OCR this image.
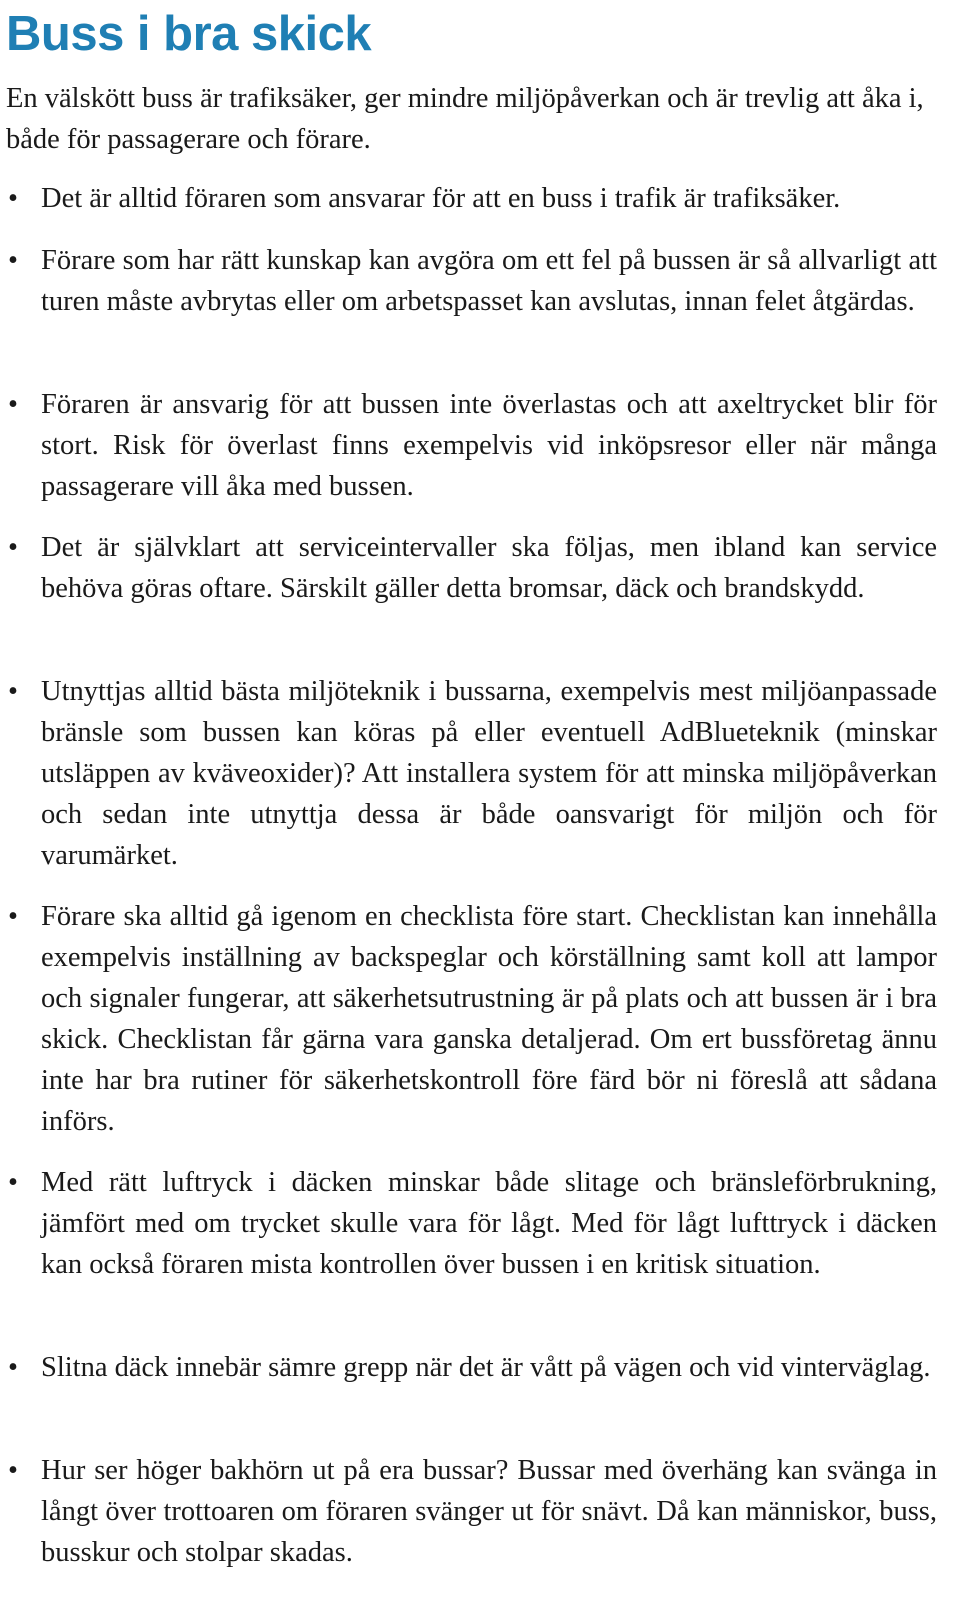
Buss i bra skick

En välskött buss är trafiksäker, ger mindre miljöpåverkan och är trevlig att åka i, både för passagerare och förare.

• Det är alltid föraren som ansvarar för att en buss i trafik är trafiksäker.

• Förare som har rätt kunskap kan avgöra om ett fel på bussen är så allvarligt att turen måste avbrytas eller om arbetspasset kan avslutas, innan felet åtgärdas.

• Föraren är ansvarig för att bussen inte överlastas och att axeltrycket blir för stort. Risk för överlast finns exempelvis vid inköpsresor eller när många passagerare vill åka med bussen.

• Det är självklart att serviceintervaller ska följas, men ibland kan service behöva göras oftare. Särskilt gäller detta bromsar, däck och brandskydd.

• Utnyttjas alltid bästa miljöteknik i bussarna, exempelvis mest miljöanpassade bränsle som bussen kan köras på eller eventuell AdBlueteknik (minskar utsläppen av kväveoxider)? Att installera system för att minska miljöpåverkan och sedan inte utnyttja dessa är både oansvarigt för miljön och för varumärket.

• Förare ska alltid gå igenom en checklista före start. Checklistan kan innehålla exempelvis inställning av backspeglar och körställning samt koll att lampor och signaler fungerar, att säkerhetsutrustning är på plats och att bussen är i bra skick. Checklistan får gärna vara ganska detaljerad. Om ert bussföretag ännu inte har bra rutiner för säkerhetskontroll före färd bör ni föreslå att sådana införs.

• Med rätt luftryck i däcken minskar både slitage och bränsleförbrukning, jämfört med om trycket skulle vara för lågt. Med för lågt lufttryck i däcken kan också föraren mista kontrollen över bussen i en kritisk situation.

• Slitna däck innebär sämre grepp när det är vått på vägen och vid vinterväglag.

• Hur ser höger bakhörn ut på era bussar? Bussar med överhäng kan svänga in långt över trottoaren om föraren svänger ut för snävt. Då kan människor, buss, busskur och stolpar skadas.
